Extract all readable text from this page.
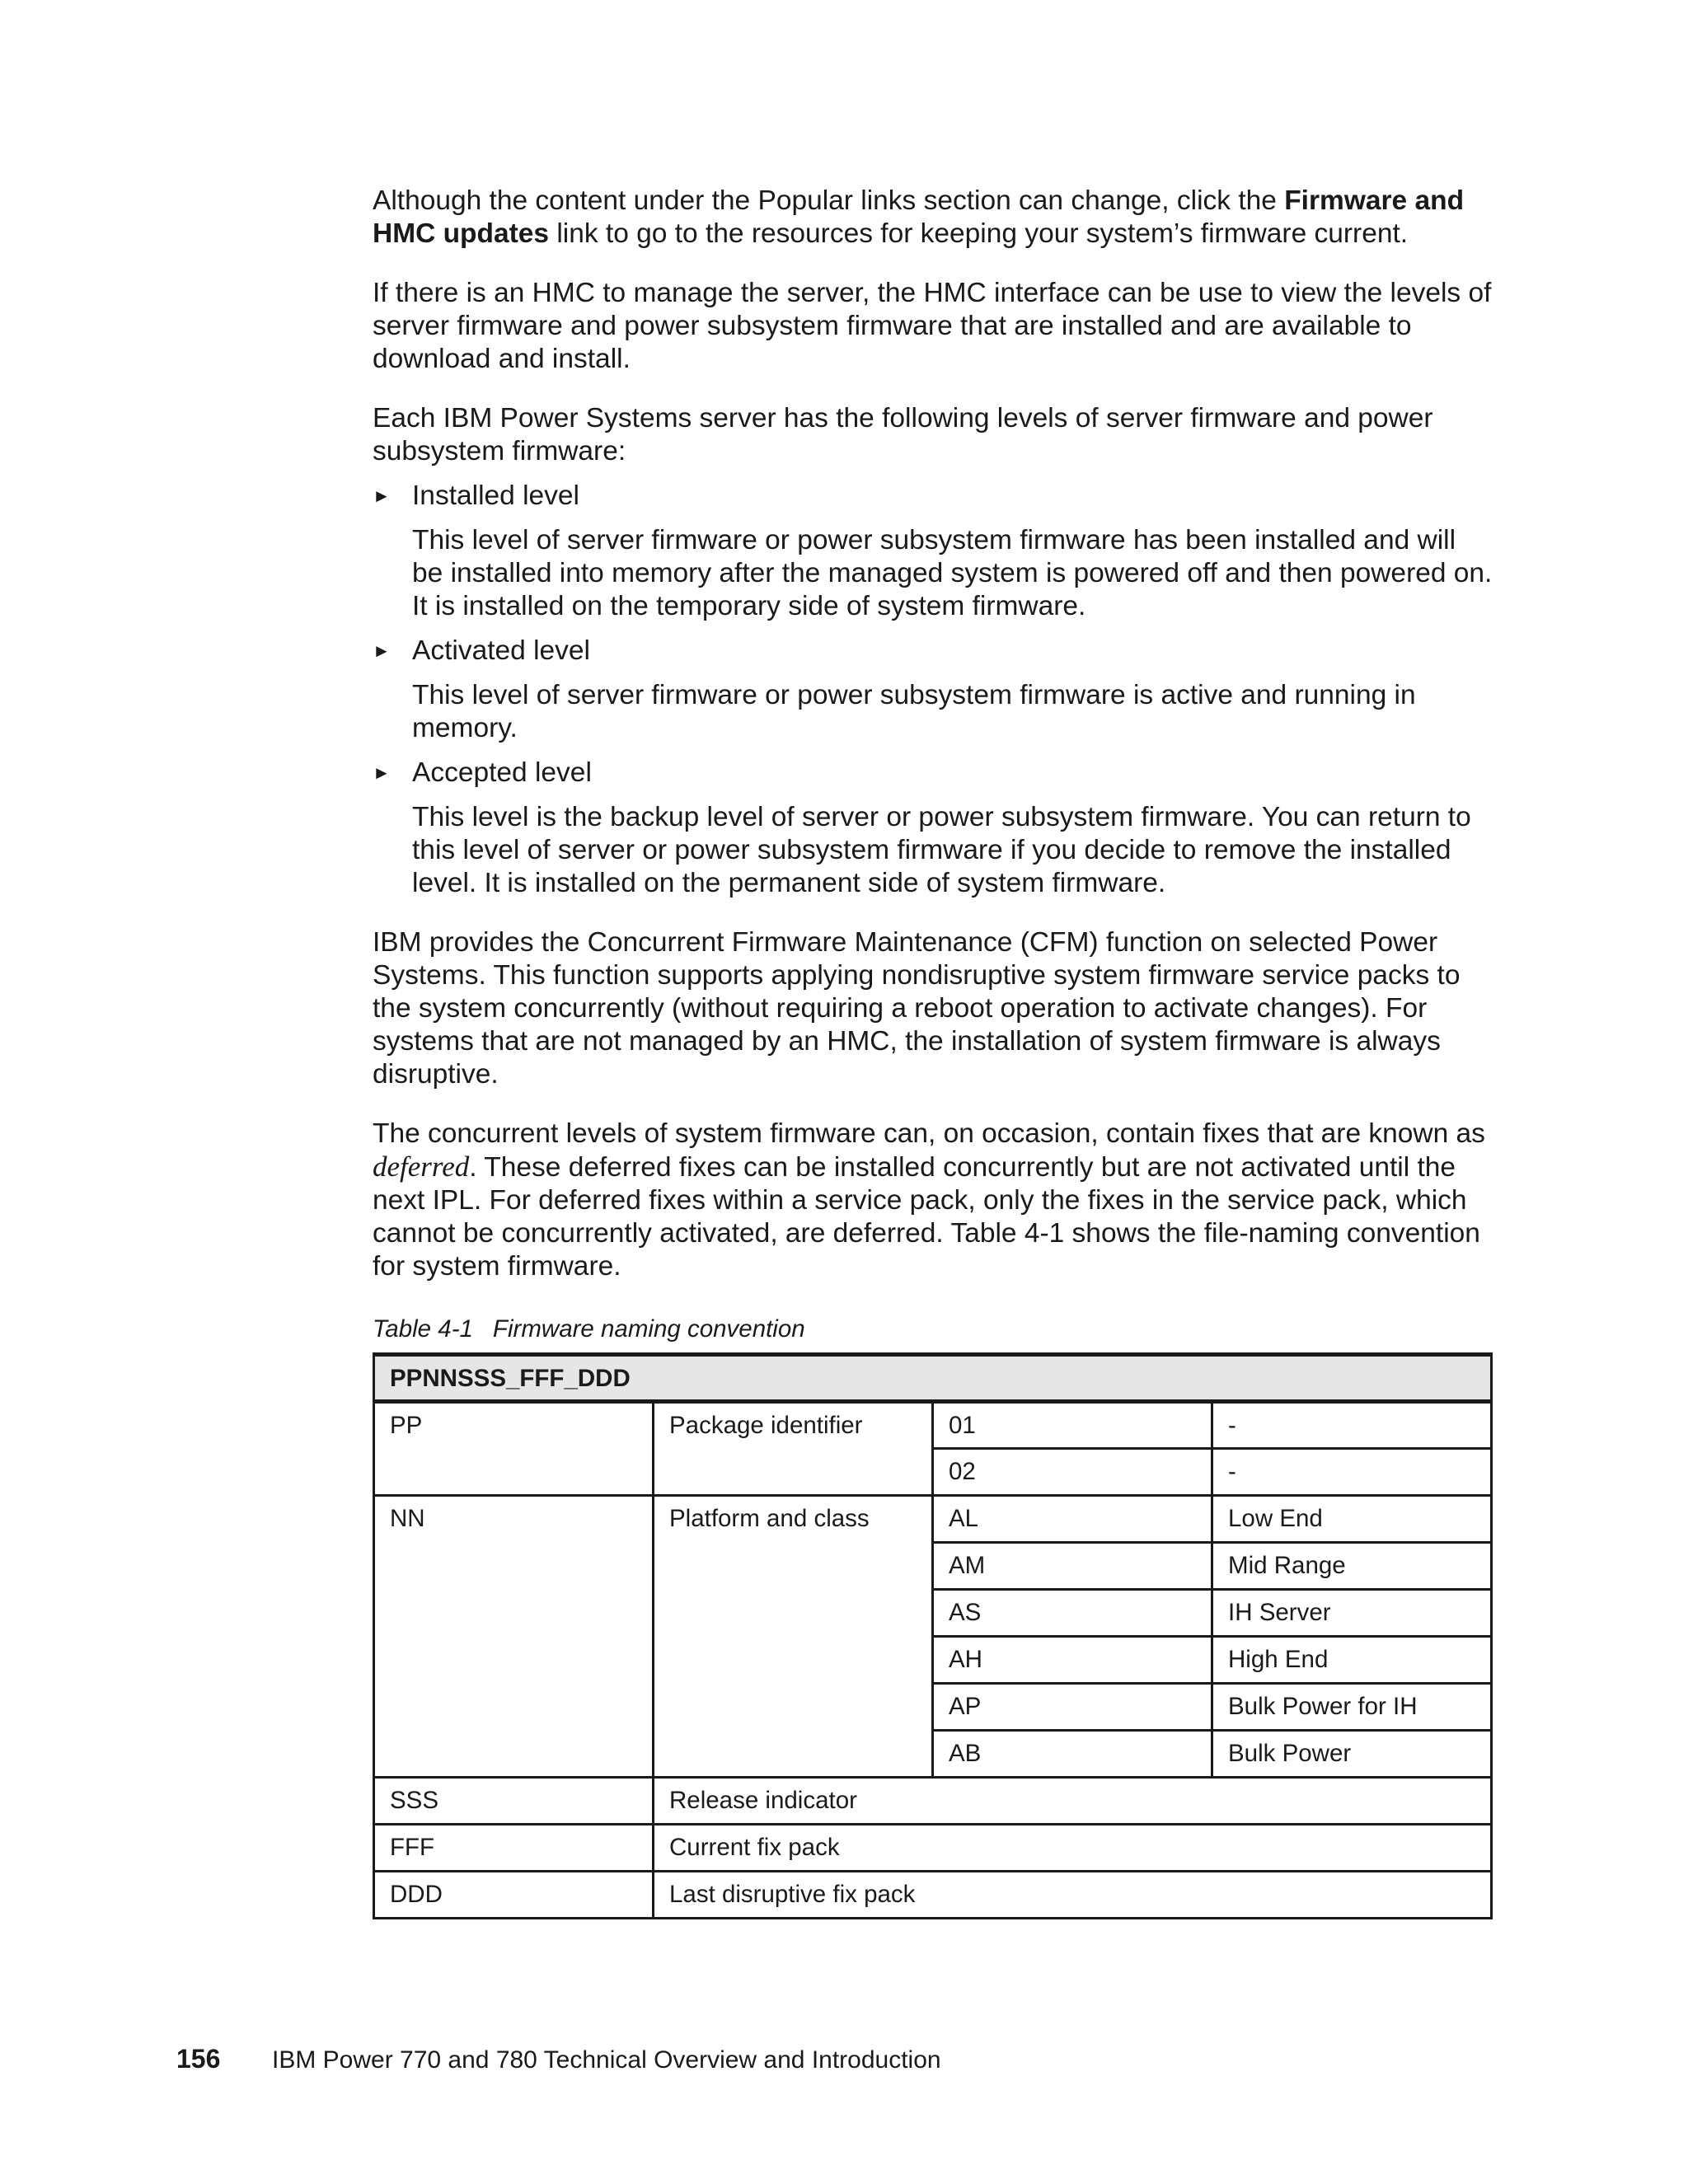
Although the content under the Popular links section can change, click the Firmware and HMC updates link to go to the resources for keeping your system’s firmware current.

If there is an HMC to manage the server, the HMC interface can be use to view the levels of server firmware and power subsystem firmware that are installed and are available to download and install.

Each IBM Power Systems server has the following levels of server firmware and power subsystem firmware:

► Installed level

This level of server firmware or power subsystem firmware has been installed and will be installed into memory after the managed system is powered off and then powered on. It is installed on the temporary side of system firmware.

► Activated level

This level of server firmware or power subsystem firmware is active and running in memory.

► Accepted level

This level is the backup level of server or power subsystem firmware. You can return to this level of server or power subsystem firmware if you decide to remove the installed level. It is installed on the permanent side of system firmware.

IBM provides the Concurrent Firmware Maintenance (CFM) function on selected Power Systems. This function supports applying nondisruptive system firmware service packs to the system concurrently (without requiring a reboot operation to activate changes). For systems that are not managed by an HMC, the installation of system firmware is always disruptive.

The concurrent levels of system firmware can, on occasion, contain fixes that are known as deferred. These deferred fixes can be installed concurrently but are not activated until the next IPL. For deferred fixes within a service pack, only the fixes in the service pack, which cannot be concurrently activated, are deferred. Table 4-1 shows the file-naming convention for system firmware.

Table 4-1 Firmware naming convention

PPNNSSS_FFF_DDD			
PP	Package identifier	01	-
		02	-
NN	Platform and class	AL	Low End
		AM	Mid Range
		AS	IH Server
		AH	High End
		AP	Bulk Power for IH
		AB	Bulk Power
SSS	Release indicator		
FFF	Current fix pack		
DDD	Last disruptive fix pack		
156 IBM Power 770 and 780 Technical Overview and Introduction
